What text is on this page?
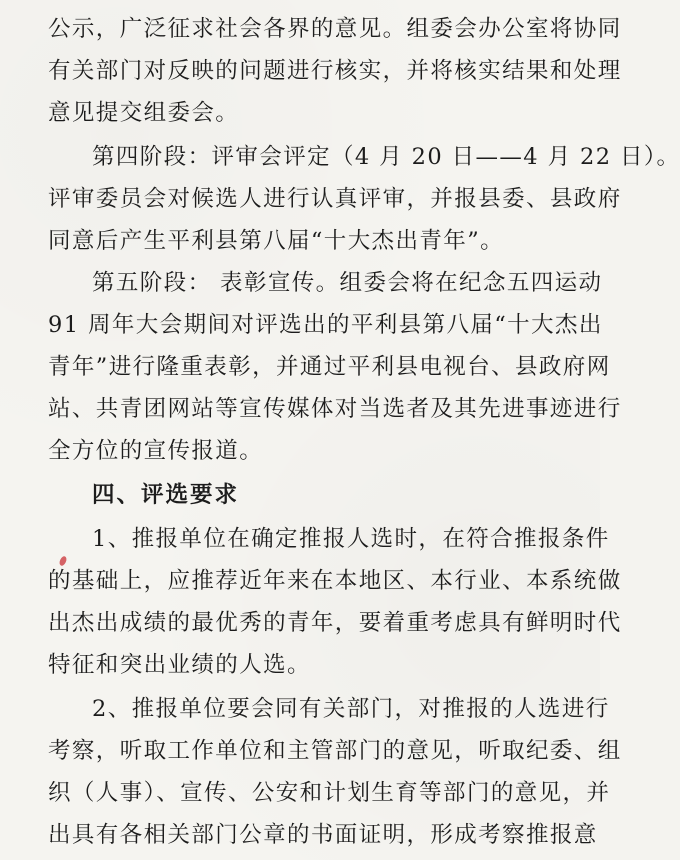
公示，广泛征求社会各界的意见。组委会办公室将协同
有关部门对反映的问题进行核实，并将核实结果和处理
意见提交组委会。
第四阶段：评审会评定（4 月 20 日——4 月 22 日）。
评审委员会对候选人进行认真评审，并报县委、县政府
同意后产生平利县第八届“十大杰出青年”。
第五阶段： 表彰宣传。组委会将在纪念五四运动
91 周年大会期间对评选出的平利县第八届“十大杰出
青年”进行隆重表彰，并通过平利县电视台、县政府网
站、共青团网站等宣传媒体对当选者及其先进事迹进行
全方位的宣传报道。
四、评选要求
1、推报单位在确定推报人选时，在符合推报条件
的基础上，应推荐近年来在本地区、本行业、本系统做
出杰出成绩的最优秀的青年，要着重考虑具有鲜明时代
特征和突出业绩的人选。
2、推报单位要会同有关部门，对推报的人选进行
考察，听取工作单位和主管部门的意见，听取纪委、组
织（人事）、宣传、公安和计划生育等部门的意见，并
出具有各相关部门公章的书面证明，形成考察推报意
